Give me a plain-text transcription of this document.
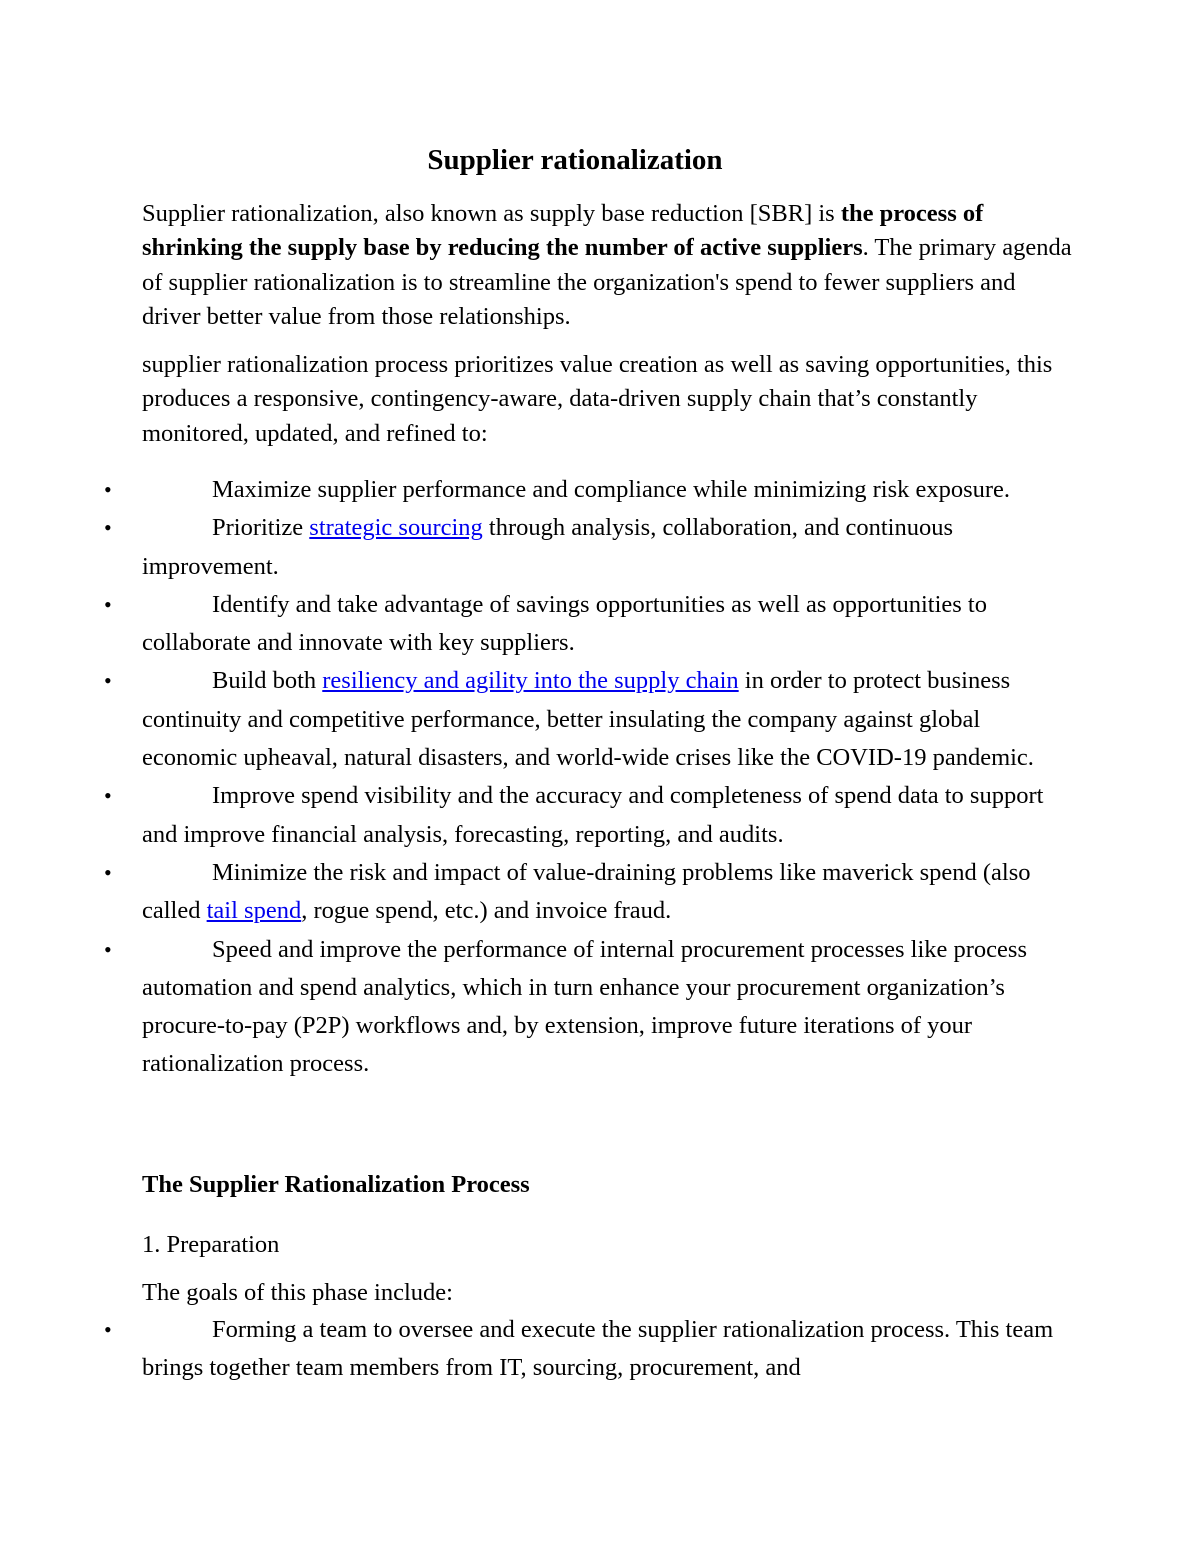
Supplier rationalization

Supplier rationalization, also known as supply base reduction [SBR] is the process of shrinking the supply base by reducing the number of active suppliers. The primary agenda of supplier rationalization is to streamline the organization's spend to fewer suppliers and driver better value from those relationships.

supplier rationalization process prioritizes value creation as well as saving opportunities, this produces a responsive, contingency-aware, data-driven supply chain that’s constantly monitored, updated, and refined to:

•	Maximize supplier performance and compliance while minimizing risk exposure.
•	Prioritize strategic sourcing through analysis, collaboration, and continuous improvement.
•	Identify and take advantage of savings opportunities as well as opportunities to collaborate and innovate with key suppliers.
•	Build both resiliency and agility into the supply chain in order to protect business continuity and competitive performance, better insulating the company against global economic upheaval, natural disasters, and world-wide crises like the COVID-19 pandemic.
•	Improve spend visibility and the accuracy and completeness of spend data to support and improve financial analysis, forecasting, reporting, and audits.
•	Minimize the risk and impact of value-draining problems like maverick spend (also called tail spend, rogue spend, etc.) and invoice fraud.
•	Speed and improve the performance of internal procurement processes like process automation and spend analytics, which in turn enhance your procurement organization’s procure-to-pay (P2P) workflows and, by extension, improve future iterations of your rationalization process.

The Supplier Rationalization Process

1. Preparation

The goals of this phase include:

•	Forming a team to oversee and execute the supplier rationalization process. This team brings together team members from IT, sourcing, procurement, and
